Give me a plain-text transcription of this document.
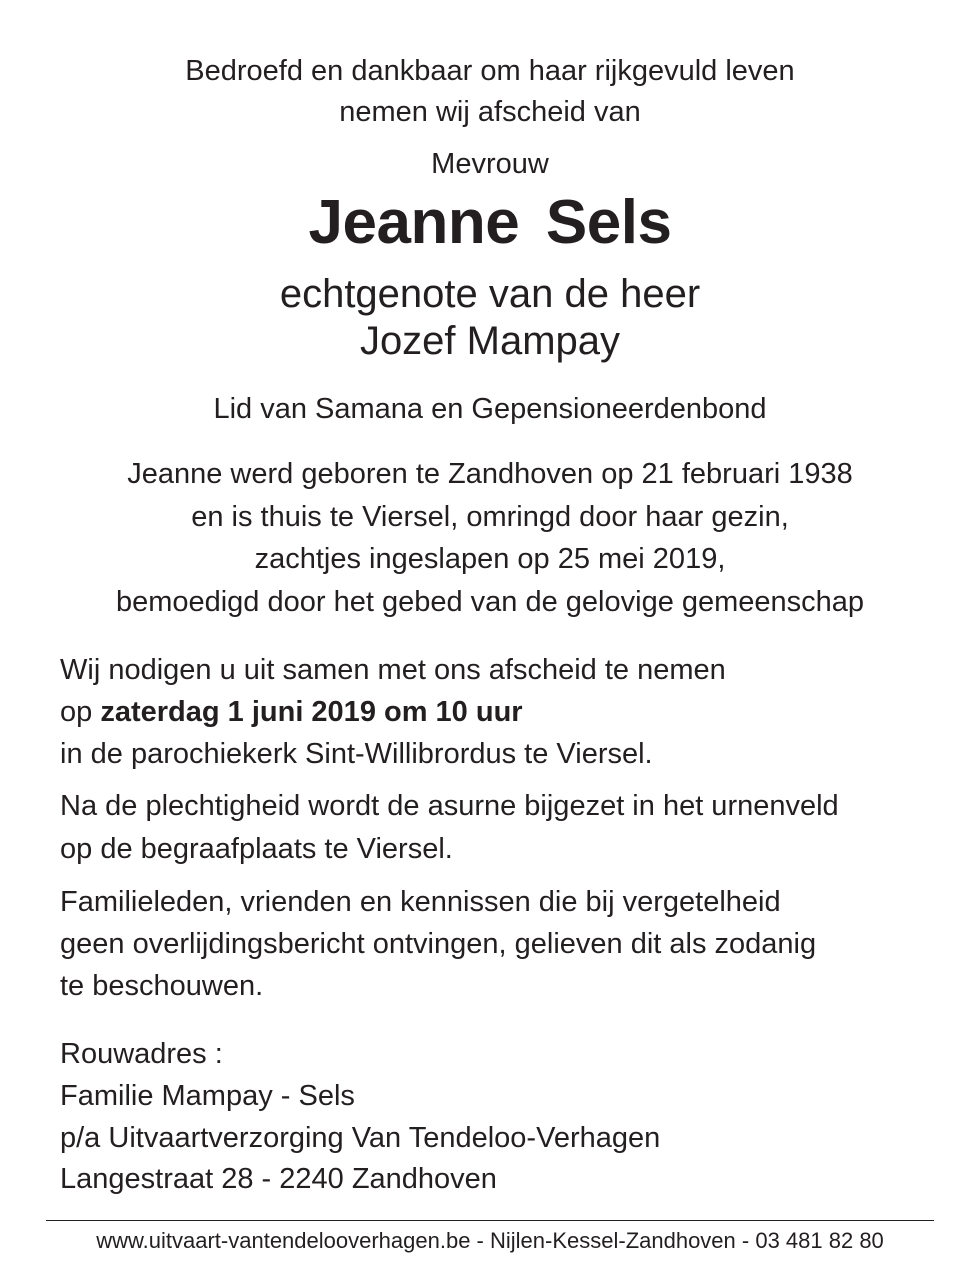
Bedroefd en dankbaar om haar rijkgevuld leven
nemen wij afscheid van
Mevrouw
Jeanne Sels
echtgenote van de heer
Jozef Mampay
Lid van Samana en Gepensioneerdenbond
Jeanne werd geboren te Zandhoven op 21 februari 1938
en is thuis te Viersel, omringd door haar gezin,
zachtjes ingeslapen op 25 mei 2019,
bemoedigd door het gebed van de gelovige gemeenschap
Wij nodigen u uit samen met ons afscheid te nemen
op zaterdag 1 juni 2019 om 10 uur
in de parochiekerk Sint-Willibrordus te Viersel.
Na de plechtigheid wordt de asurne bijgezet in het urnenveld
op de begraafplaats te Viersel.
Familieleden, vrienden en kennissen die bij vergetelheid
geen overlijdingsbericht ontvingen, gelieven dit als zodanig
te beschouwen.
Rouwadres :
Familie Mampay - Sels
p/a Uitvaartverzorging Van Tendeloo-Verhagen
Langestraat 28 - 2240 Zandhoven
www.uitvaart-vantendelooverhagen.be - Nijlen-Kessel-Zandhoven - 03 481 82 80
